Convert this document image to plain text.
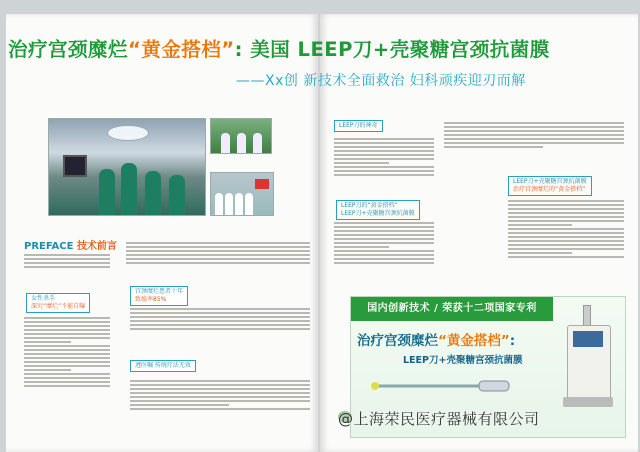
治疗宫颈糜烂“黄金搭档”: 美国 LEEP刀+壳聚糖宫颈抗菌膜
——Xx创 新技术全面救治 妇科顽疾迎刃而解
PREFACE 技术前言
女性杀手
深究“糜烂”不能自曝
宫颈糜烂患者十年
致癌率85%
遵医嘱 传统疗法无效
LEEP刀的神奇
LEEP刀的“黄金搭档”
LEEP刀+壳聚糖宫颈抗菌膜
LEEP刀+壳聚糖宫颈抗菌膜
治疗宫颈糜烂的“黄金搭档”
国内创新技术 / 荣获十二项国家专利
治疗宫颈糜烂“黄金搭档”:
LEEP刀+壳聚糖宫颈抗菌膜
@上海荣民医疗器械有限公司
